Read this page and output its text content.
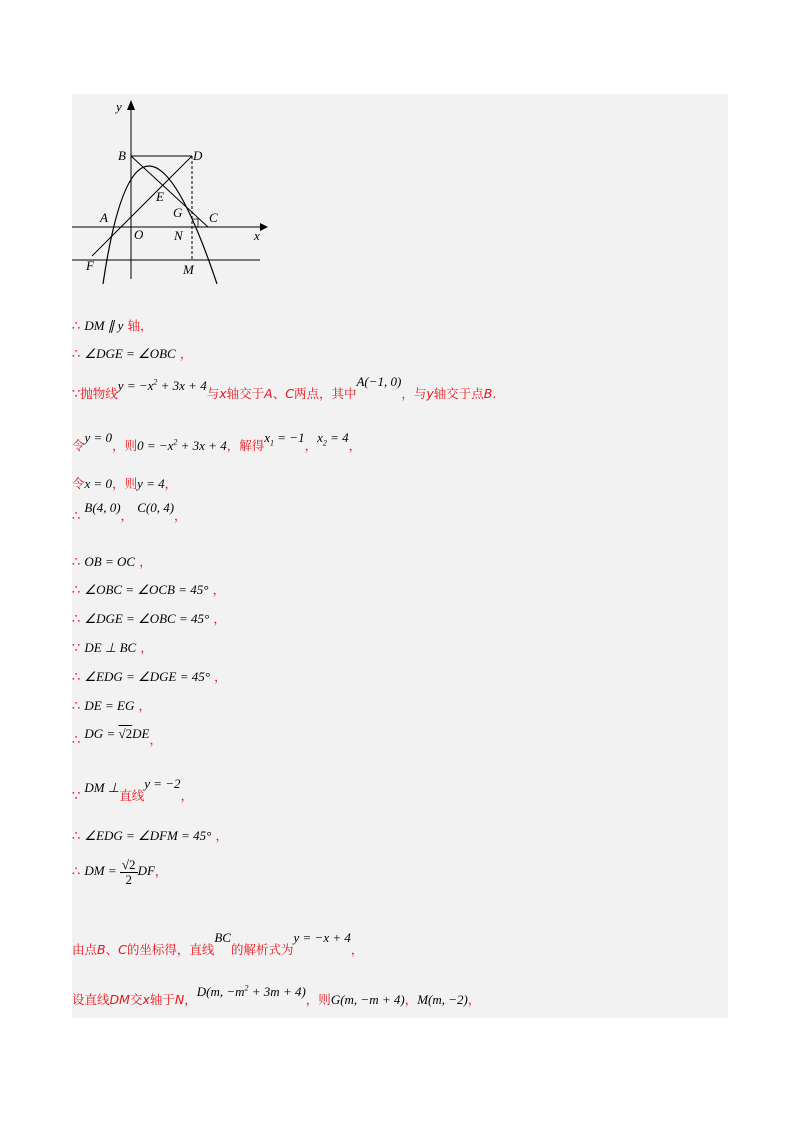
y
x
B	D
E
G C
A
O N
F	M
∴ DM ∥ y 轴，
∴ ∠DGE = ∠OBC ，
∵抛物线$y = -x^2 + 3x + 4$与x轴交于A、C两点，其中A(−1, 0)，与y轴交于点B.
令y = 0，则$0 = -x^2 + 3x + 4$，解得$x_1 = -1$，$x_2 = 4$，
令x = 0，则y = 4，
∴ B(4, 0)， C(0, 4)，
∴ OB = OC ，
∴ ∠OBC = ∠OCB = 45° ，
∴ ∠DGE = ∠OBC = 45° ，
∵ DE ⊥ BC ，
∴ ∠EDG = ∠DGE = 45° ，
∴ DE = EG ，
∴ DG = √2DE，
∵ DM ⊥直线y = −2，
∴ ∠EDG = ∠DFM = 45° ，
∴ DM = $\frac{√2}{2}$ DF，
由点B、C的坐标得，直线BC的解析式为y = −x + 4，
设直线DM交x轴于N，D(m, $-m^2 + 3m + 4$)，则G(m, −m + 4)，M(m, −2)，
